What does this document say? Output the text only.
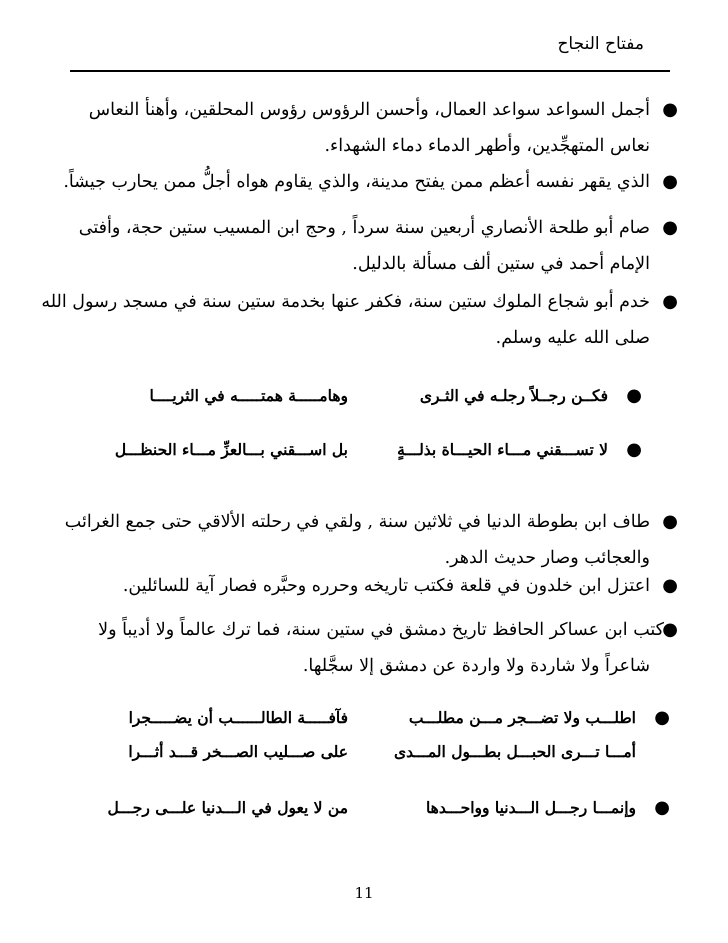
مفتاح النجاح
●
أجمل السواعد سواعد العمال، وأحسن الرؤوس رؤوس المحلقين، وأهنأ النعاس
نعاس المتهجِّدين، وأطهر الدماء دماء الشهداء.
●
الذي يقهر نفسه أعظم ممن يفتح مدينة، والذي يقاوم هواه أجلُّ ممن يحارب جيشاً.
●
صام أبو طلحة الأنصاري أربعين سنة سرداً , وحج ابن المسيب ستين حجة، وأفتى
الإمام أحمد في ستين ألف مسألة بالدليل.
●
خدم أبو شجاع الملوك ستين سنة، فكفر عنها بخدمة ستين سنة في مسجد رسول الله
صلى الله عليه وسلم.
●
فكــن رجــلاً رجلـه في الثـرى
وهامـــــة همتـــــه في الثريــــا
●
لا تســـقني مـــاء الحيـــاة بذلـــةٍ
بل اســـقني بـــالعزِّ مـــاء الحنظـــل
●
طاف ابن بطوطة الدنيا في ثلاثين سنة , ولقي في رحلته الألاقي حتى جمع الغرائب
والعجائب وصار حديث الدهر.
●
اعتزل ابن خلدون في قلعة فكتب تاريخه وحرره وحبَّره فصار آية للسائلين.
●
كتب ابن عساكر الحافظ تاريخ دمشق في ستين سنة، فما ترك عالماً ولا أديباً ولا
شاعراً ولا شاردة ولا واردة عن دمشق إلا سجَّلها.
●
اطلـــب ولا تضـــجر مـــن مطلـــب
فآفـــــة الطالــــــب أن يضـــــجرا
أمـــا تـــرى الحبـــل بطـــول المـــدى
على صـــليب الصـــخر قـــد أثـــرا
●
وإنمـــا رجـــل الـــدنيا وواحـــدها
من لا يعول في الـــدنيا علـــى رجـــل
11
